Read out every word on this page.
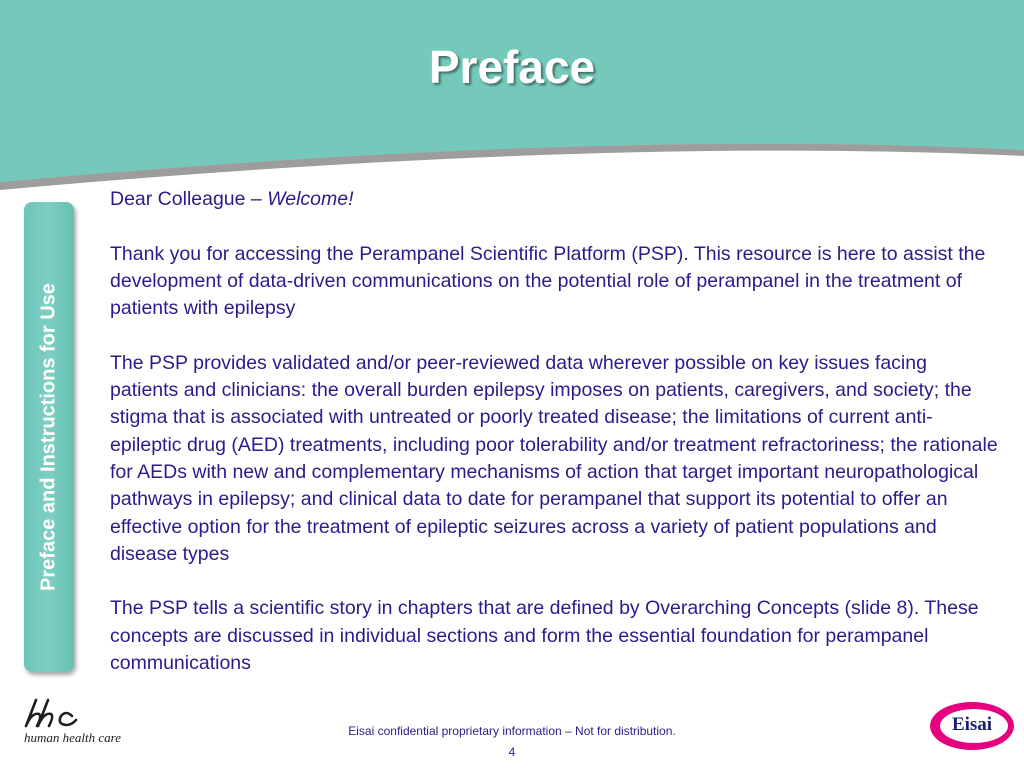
Preface
Preface and Instructions for Use

Dear Colleague – Welcome!

Thank you for accessing the Perampanel Scientific Platform (PSP). This resource is here to assist the development of data-driven communications on the potential role of perampanel in the treatment of patients with epilepsy

The PSP provides validated and/or peer-reviewed data wherever possible on key issues facing patients and clinicians: the overall burden epilepsy imposes on patients, caregivers, and society; the stigma that is associated with untreated or poorly treated disease; the limitations of current anti-epileptic drug (AED) treatments, including poor tolerability and/or treatment refractoriness; the rationale for AEDs with new and complementary mechanisms of action that target important neuropathological pathways in epilepsy; and clinical data to date for perampanel that support its potential to offer an effective option for the treatment of epileptic seizures across a variety of patient populations and disease types

The PSP tells a scientific story in chapters that are defined by Overarching Concepts (slide 8). These concepts are discussed in individual sections and form the essential foundation for perampanel communications

human health care	Eisai confidential proprietary information – Not for distribution.
4
Eisai
